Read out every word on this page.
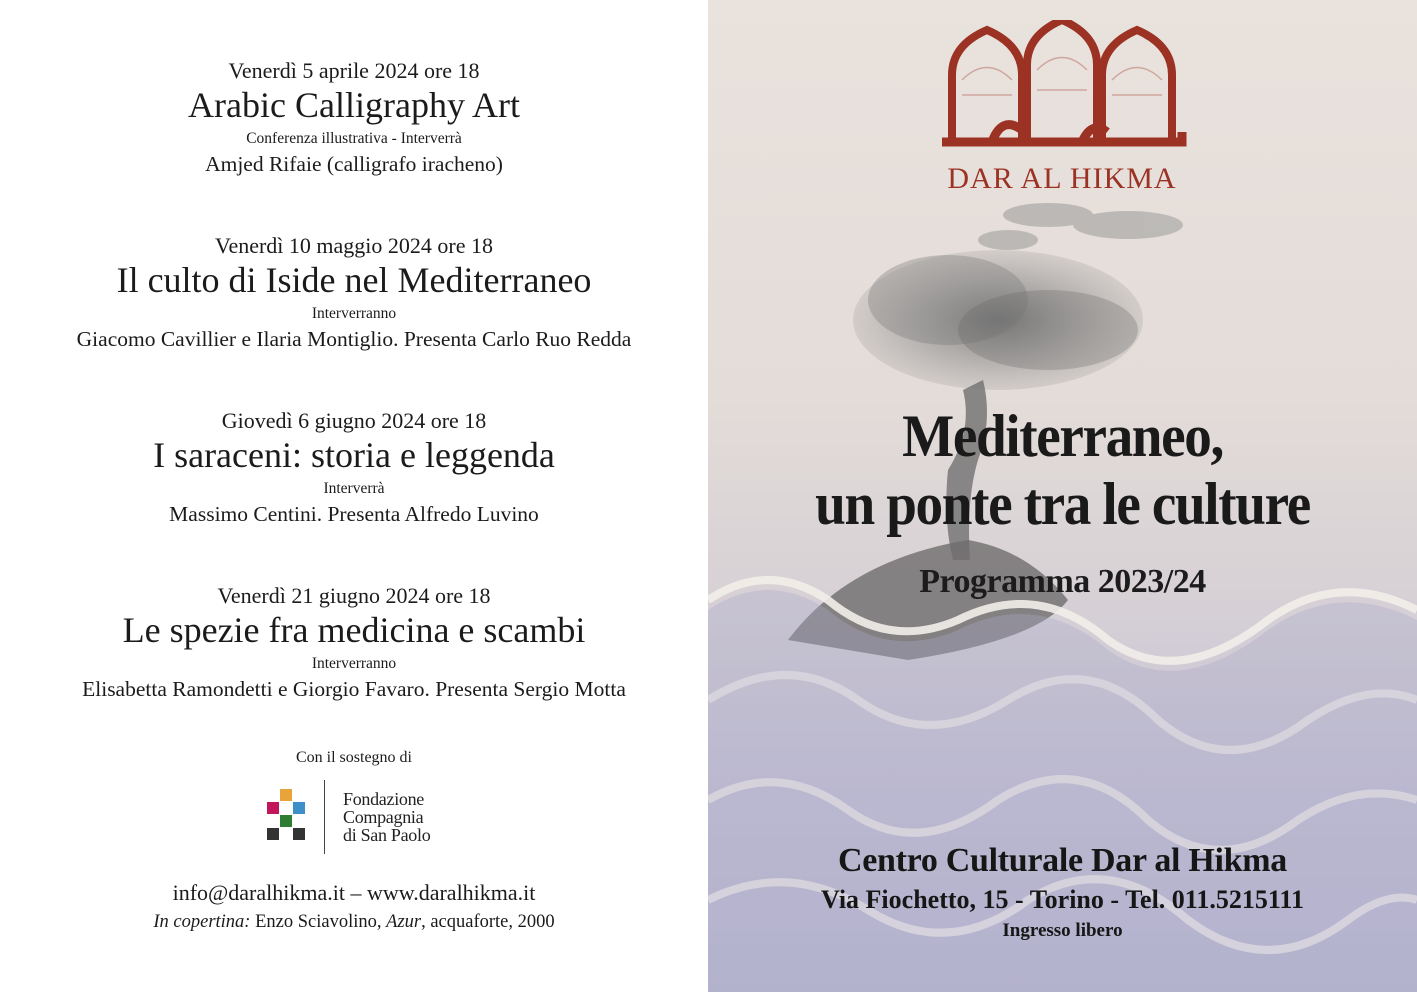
Venerdì 5 aprile 2024 ore 18
Arabic Calligraphy Art
Conferenza illustrativa - Interverrà
Amjed Rifaie (calligrafo iracheno)
Venerdì 10 maggio 2024 ore 18
Il culto di Iside nel Mediterraneo
Interverranno
Giacomo Cavillier e Ilaria Montiglio. Presenta Carlo Ruo Redda
Giovedì 6 giugno 2024 ore 18
I saraceni: storia e leggenda
Interverrà
Massimo Centini. Presenta Alfredo Luvino
Venerdì 21 giugno 2024 ore 18
Le spezie fra medicina e scambi
Interverranno
Elisabetta Ramondetti e Giorgio Favaro. Presenta Sergio Motta
Con il sostegno di
Fondazione
Compagnia
di San Paolo
info@daralhikma.it – www.daralhikma.it
In copertina: Enzo Sciavolino, Azur, acquaforte, 2000
DAR AL HIKMA
Mediterraneo,
un ponte tra le culture
Programma 2023/24
Centro Culturale Dar al Hikma
Via Fiochetto, 15 - Torino - Tel. 011.5215111
Ingresso libero
